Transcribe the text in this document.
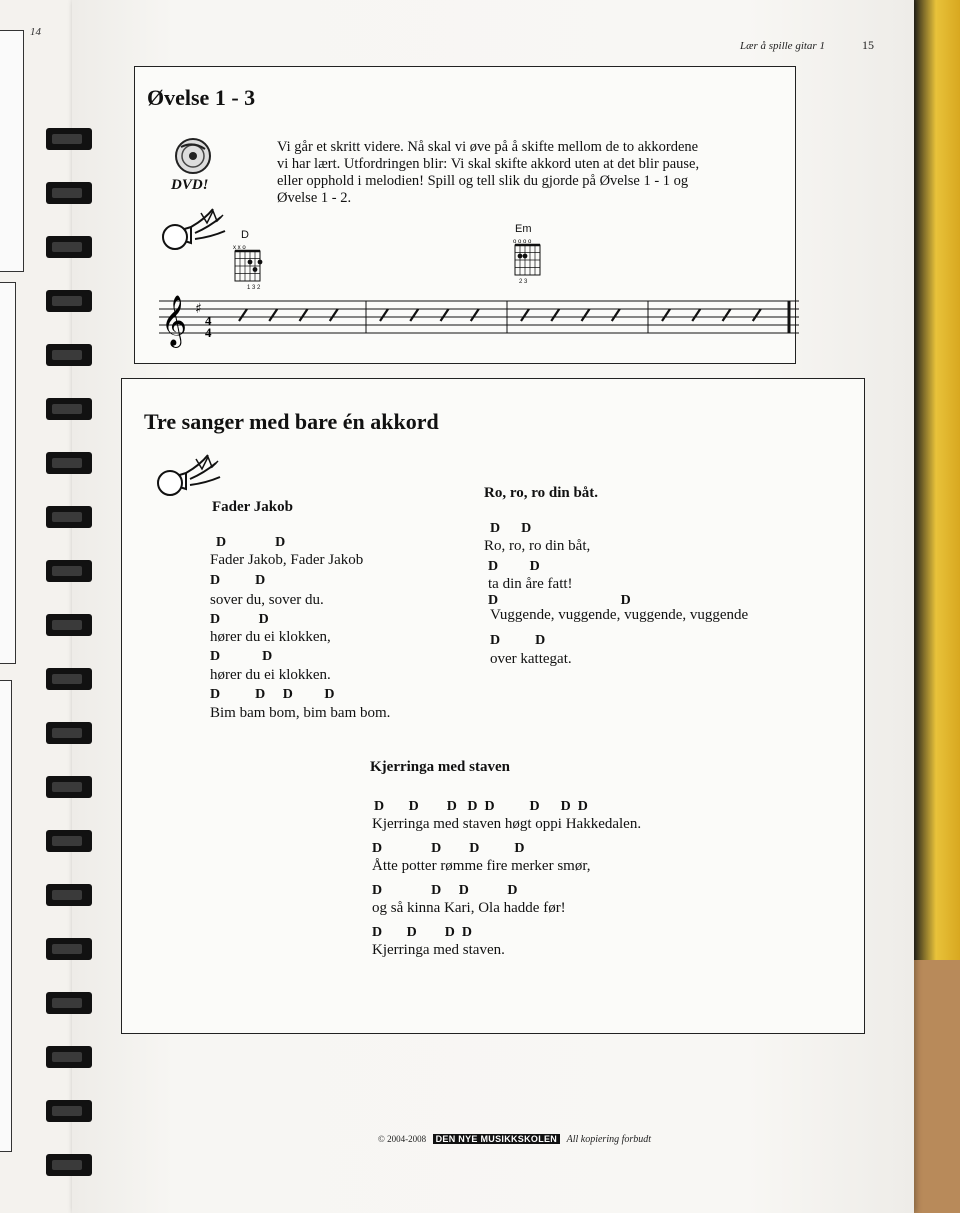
14
Lær å spille gitar 1	15
Øvelse 1 - 3
DVD!
Vi går et skritt videre. Nå skal vi øve på å skifte mellom de to akkordene
vi har lært. Utfordringen blir: Vi skal skifte akkord uten at det blir pause,
eller opphold i melodien! Spill og tell slik du gjorde på Øvelse 1 - 1 og
Øvelse 1 - 2.
D
x x o
1 3 2
Em
o o o o
2 3
𝄞 ♯
4
4
Tre sanger med bare én akkord
Fader Jakob
D              D
Fader Jakob, Fader Jakob
D          D
sover du, sover du.
D           D
hører du ei klokken,
D            D
hører du ei klokken.
D          D     D         D
Bim bam bom, bim bam bom.
Ro, ro, ro din båt.
D      D
Ro, ro, ro din båt,
D         D
ta din åre fatt!
D                                   D
Vuggende, vuggende, vuggende, vuggende
D          D
over kattegat.
Kjerringa med staven
D       D        D   D  D          D      D  D
Kjerringa med staven høgt oppi Hakkedalen.
D              D        D          D
Åtte potter rømme fire merker smør,
D              D     D           D
og så kinna Kari, Ola hadde før!
D       D        D  D
Kjerringa med staven.
© 2004-2008 DEN NYE MUSIKKSKOLEN All kopiering forbudt
